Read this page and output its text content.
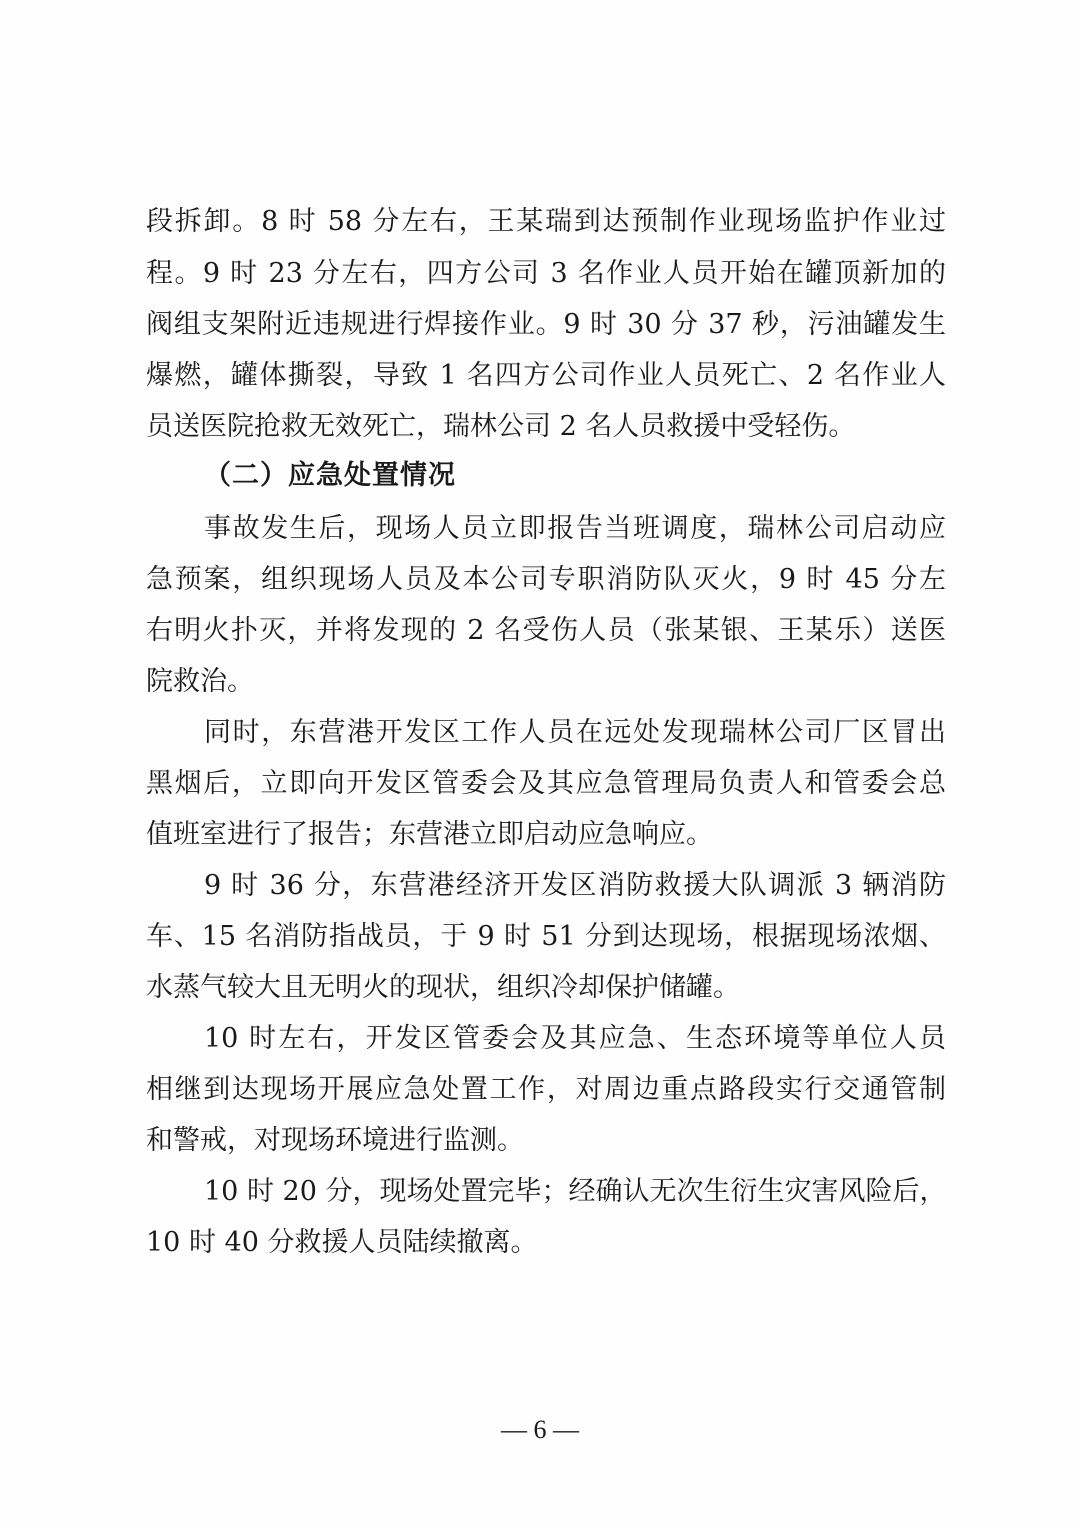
段拆卸。8 时 58 分左右，王某瑞到达预制作业现场监护作业过
程。9 时 23 分左右，四方公司 3 名作业人员开始在罐顶新加的
阀组支架附近违规进行焊接作业。9 时 30 分 37 秒，污油罐发生
爆燃，罐体撕裂，导致 1 名四方公司作业人员死亡、2 名作业人
员送医院抢救无效死亡，瑞林公司 2 名人员救援中受轻伤。
（二）应急处置情况
事故发生后，现场人员立即报告当班调度，瑞林公司启动应
急预案，组织现场人员及本公司专职消防队灭火，9 时 45 分左
右明火扑灭，并将发现的 2 名受伤人员（张某银、王某乐）送医
院救治。
同时，东营港开发区工作人员在远处发现瑞林公司厂区冒出
黑烟后，立即向开发区管委会及其应急管理局负责人和管委会总
值班室进行了报告；东营港立即启动应急响应。
9 时 36 分，东营港经济开发区消防救援大队调派 3 辆消防
车、15 名消防指战员，于 9 时 51 分到达现场，根据现场浓烟、
水蒸气较大且无明火的现状，组织冷却保护储罐。
10 时左右，开发区管委会及其应急、生态环境等单位人员
相继到达现场开展应急处置工作，对周边重点路段实行交通管制
和警戒，对现场环境进行监测。
10 时 20 分，现场处置完毕；经确认无次生衍生灾害风险后，
10 时 40 分救援人员陆续撤离。
— 6 —
